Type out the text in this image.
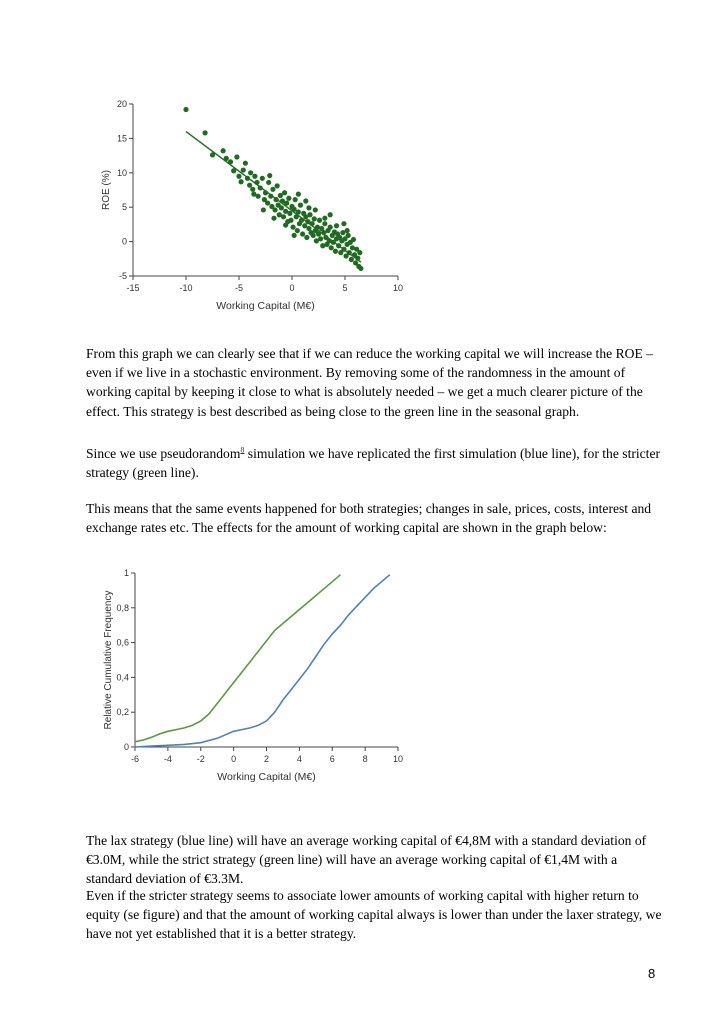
-15	-10	-5	0	5	10
20
15
10
5
0
-5
Working Capital (M€)
ROE (%)

From this graph we can clearly see that if we can reduce the working capital we will increase the ROE – even if we live in a stochastic environment. By removing some of the randomness in the amount of working capital by keeping it close to what is absolutely needed – we get a much clearer picture of the effect. This strategy is best described as being close to the green line in the seasonal graph.

Since we use pseudorandom$^8$ simulation we have replicated the first simulation (blue line), for the stricter strategy (green line).

This means that the same events happened for both strategies; changes in sale, prices, costs, interest and exchange rates etc. The effects for the amount of working capital are shown in the graph below:

-6	-4	-2	0	2	4	6	8	10
1
0,8
0,6
0,4
0,2
0
Working Capital (M€)
Relative Cumulative Frequency

The lax strategy (blue line) will have an average working capital of €4,8M with a standard deviation of €3.0M, while the strict strategy (green line) will have an average working capital of €1,4M with a standard deviation of €3.3M.

Even if the stricter strategy seems to associate lower amounts of working capital with higher return to equity (se figure) and that the amount of working capital always is lower than under the laxer strategy, we have not yet established that it is a better strategy.

8
